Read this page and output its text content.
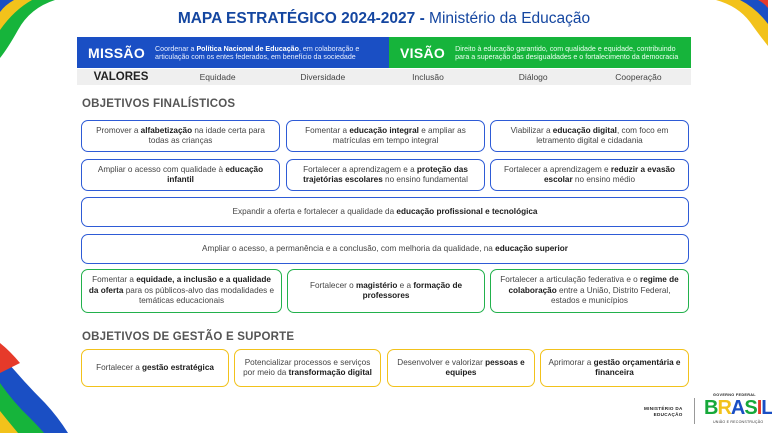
MAPA ESTRATÉGICO 2024-2027 - Ministério da Educação
MISSÃO	Coordenar a Política Nacional de Educação, em colaboração e articulação com os entes federados, em benefício da sociedade	VISÃO	Direito à educação garantido, com qualidade e equidade, contribuindo para a superação das desigualdades e o fortalecimento da democracia
VALORES	Equidade	Diversidade	Inclusão	Diálogo	Cooperação
OBJETIVOS FINALÍSTICOS
Promover a alfabetização na idade certa para todas as crianças
Fomentar a educação integral e ampliar as matrículas em tempo integral
Viabilizar a educação digital, com foco em letramento digital e cidadania
Ampliar o acesso com qualidade à educação infantil
Fortalecer a aprendizagem e a proteção das trajetórias escolares no ensino fundamental
Fortalecer a aprendizagem e reduzir a evasão escolar no ensino médio
Expandir a oferta e fortalecer a qualidade da educação profissional e tecnológica
Ampliar o acesso, a permanência e a conclusão, com melhoria da qualidade, na educação superior
Fomentar a equidade, a inclusão e a qualidade da oferta para os públicos-alvo das modalidades e temáticas educacionais
Fortalecer o magistério e a formação de professores
Fortalecer a articulação federativa e o regime de colaboração entre a União, Distrito Federal, estados e municípios
OBJETIVOS DE GESTÃO E SUPORTE
Fortalecer a gestão estratégica
Potencializar processos e serviços por meio da transformação digital
Desenvolver e valorizar pessoas e equipes
Aprimorar a gestão orçamentária e financeira
MINISTÉRIO DA
EDUCAÇÃO
GOVERNO FEDERAL
BRASIL
UNIÃO E RECONSTRUÇÃO
